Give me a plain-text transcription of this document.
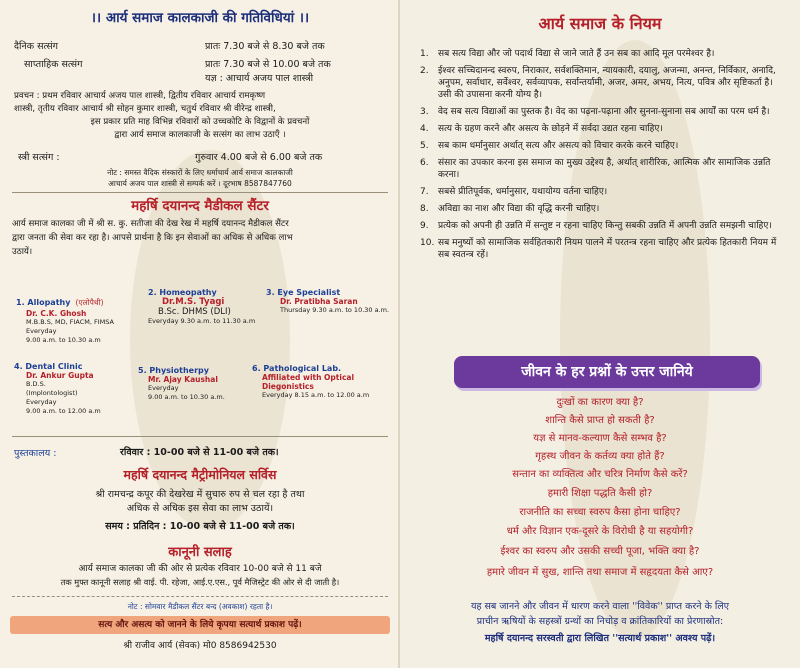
।। आर्य समाज कालकाजी की गतिविधियां ।।
दैनिक सत्संग	प्रातः 7.30 बजे से 8.30 बजे तक
साप्ताहिक सत्संग	प्रातः 7.30 बजे से 10.00 बजे तक
यज्ञ : आचार्य अजय पाल शास्त्री
प्रवचन : प्रथम रविवार आचार्य अजय पाल शास्त्री, द्वितीय रविवार आचार्य रामकृष्ण
शास्त्री, तृतीय रविवार आचार्य श्री सोहन कुमार शास्त्री, चतुर्थ रविवार श्री वीरेन्द्र शास्त्री,
इस प्रकार प्रति माह विभिन्न रविवारों को उच्चकोटि के विद्वानों के प्रवचनों
द्वारा आर्य समाज कालकाजी के सत्संग का लाभ उठाएँ ।
स्त्री सत्संग :	गुरुवार 4.00 बजे से 6.00 बजे तक
नोट : समस्त वैदिक संस्कारों के लिए धर्माचार्य आर्य समाज कालकाजी
आचार्य अजय पाल शास्त्री से सम्पर्क करें । दूरभाष 8587847760
महर्षि दयानन्द मैडीकल सैंटर
आर्य समाज कालका जी में श्री स. कु. सतीजा की देख रेख में महर्षि दयानन्द मैडीकल सैंटर
द्वारा जनता की सेवा कर रहा है। आपसे प्रार्थना है कि इन सेवाओं का अधिक से अधिक लाभ
उठायें।
1. Allopathy (एलोपैथी)
Dr. C.K. Ghosh
M.B.B.S, MD, FIACM, FIMSA
Everyday
9.00 a.m. to 10.30 a.m
2. Homeopathy
Dr.M.S. Tyagi
B.Sc. DHMS (DLI)
Everyday 9.30 a.m. to 11.30 a.m
3. Eye Specialist
Dr. Pratibha Saran
Thursday 9.30 a.m. to 10.30 a.m.
4. Dental Clinic
Dr. Ankur Gupta
B.D.S.
(Implontologist)
Everyday
9.00 a.m. to 12.00 a.m
5. Physiotherpy
Mr. Ajay Kaushal
Everyday
9.00 a.m. to 10.30 a.m.
6. Pathological Lab.
Affiliated with Optical
Diegonistics
Everyday 8.15 a.m. to 12.00 a.m
पुस्तकालय :	रविवार : 10-00 बजे से 11-00 बजे तक।
महर्षि दयानन्द मैट्रीमोनियल सर्विस
श्री रामचन्द्र कपूर की देखरेख में सुचारु रुप से चल रहा है तथा
अधिक से अधिक इस सेवा का लाभ उठायें।
समय : प्रतिदिन : 10-00 बजे से 11-00 बजे तक।
कानूनी सलाह
आर्य समाज कालका जी की ओर से प्रत्येक रविवार 10-00 बजे से 11 बजे
तक मुफ्त कानूनी सलाह श्री वाई. पी. रहेजा, आई.ए.एस., पूर्व मैजिस्ट्रेट की ओर से दी जाती है।
नोट : सोमवार मैडीकल सैंटर बन्द (अवकाश) रहता है।
सत्य और असत्य को जानने के लिये कृपया सत्यार्थ प्रकाश पढ़ें।
श्री राजीव आर्य (सेवक) मो0 8586942530
आर्य समाज के नियम
1. सब सत्य विद्या और जो पदार्थ विद्या से जाने जाते हैं उन सब का आदि मूल परमेश्वर है।
2. ईश्वर सच्चिदानन्द स्वरुप, निराकार, सर्वशक्तिमान, न्यायकारी, दयालु, अजन्मा, अनन्त, निर्विकार, अनादि, अनुपम, सर्वाधार, सर्वेश्वर, सर्वव्यापक, सर्वान्तर्यामी, अजर, अमर, अभय, नित्य, पवित्र और सृष्टिकर्ता है। उसी की उपासना करनी योग्य है।
3. वेद सब सत्य विद्याओं का पुस्तक है। वेद का पढ़ना-पढ़ाना और सुनना-सुनाना सब आर्यों का परम धर्म है।
4. सत्य के ग्रहण करने और असत्य के छोड़ने में सर्वदा उद्यत रहना चाहिए।
5. सब काम धर्मानुसार अर्थात् सत्य और असत्य को विचार करके करने चाहिए।
6. संसार का उपकार करना इस समाज का मुख्य उद्देश्य है, अर्थात् शारीरिक, आत्मिक और सामाजिक उन्नति करना।
7. सबसे प्रीतिपूर्वक, धर्मानुसार, यथायोग्य वर्तना चाहिए।
8. अविद्या का नाश और विद्या की वृद्धि करनी चाहिए।
9. प्रत्येक को अपनी ही उन्नति में सन्तुष्ट न रहना चाहिए किन्तु सबकी उन्नति में अपनी उन्नति समझनी चाहिए।
10. सब मनुष्यों को सामाजिक सर्वहितकारी नियम पालने में परतन्त्र रहना चाहिए और प्रत्येक हितकारी नियम में सब स्वतन्त्र रहें।
जीवन के हर प्रश्नों के उत्तर जानिये
दुःखों का कारण क्या है?
शान्ति कैसे प्राप्त हो सकती है?
यज्ञ से मानव-कल्याण कैसे सम्भव है?
गृहस्थ जीवन के कर्तव्य क्या होते हैं?
सन्तान का व्यक्तित्व और चरित्र निर्माण कैसे करें?
हमारी शिक्षा पद्धति कैसी हो?
राजनीति का सच्चा स्वरुप कैसा होना चाहिए?
धर्म और विज्ञान एक-दूसरे के विरोधी है या सहयोगी?
ईश्वर का स्वरुप और उसकी सच्ची पूजा, भक्ति क्या है?
हमारे जीवन में सुख, शान्ति तथा समाज में सहृदयता कैसे आए?
यह सब जानने और जीवन में धारण करने वाला ''विवेक'' प्राप्त करने के लिए
प्राचीन ऋषियों के सहस्त्रों ग्रन्थों का निचोड़ व क्रांतिकारियों का प्रेरणास्रोत:
महर्षि दयानन्द सरस्वती द्वारा लिखित ''सत्यार्थ प्रकाश'' अवश्य पढ़ें।
